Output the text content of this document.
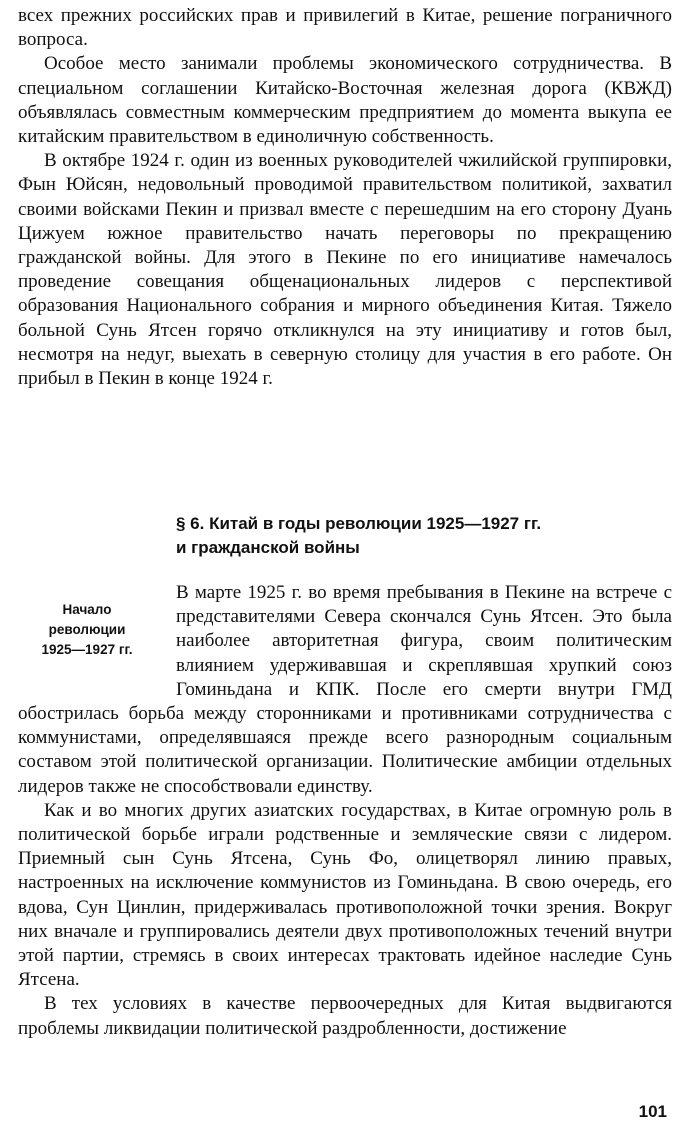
всех прежних российских прав и привилегий в Китае, решение пограничного вопроса.

Особое место занимали проблемы экономического сотрудничества. В специальном соглашении Китайско-Восточная железная дорога (КВЖД) объявлялась совместным коммерческим предприятием до момента выкупа ее китайским правительством в единоличную собственность.

В октябре 1924 г. один из военных руководителей чжилийской группировки, Фын Юйсян, недовольный проводимой правительством политикой, захватил своими войсками Пекин и призвал вместе с перешедшим на его сторону Дуань Цижуем южное правительство начать переговоры по прекращению гражданской войны. Для этого в Пекине по его инициативе намечалось проведение совещания общенациональных лидеров с перспективой образования Национального собрания и мирного объединения Китая. Тяжело больной Сунь Ятсен горячо откликнулся на эту инициативу и готов был, несмотря на недуг, выехать в северную столицу для участия в его работе. Он прибыл в Пекин в конце 1924 г.

§ 6. Китай в годы революции 1925—1927 гг.
и гражданской войны
Начало
революции
1925—1927 гг.

В марте 1925 г. во время пребывания в Пекине на встрече с представителями Севера скончался Сунь Ятсен. Это была наиболее авторитетная фигура, своим политическим влиянием удерживавшая и скреплявшая хрупкий союз Гоминьдана и КПК. После его смерти внутри ГМД обострилась борьба между сторонниками и противниками сотрудничества с коммунистами, определявшаяся прежде всего разнородным социальным составом этой политической организации. Политические амбиции отдельных лидеров также не способствовали единству.

Как и во многих других азиатских государствах, в Китае огромную роль в политической борьбе играли родственные и земляческие связи с лидером. Приемный сын Сунь Ятсена, Сунь Фо, олицетворял линию правых, настроенных на исключение коммунистов из Гоминьдана. В свою очередь, его вдова, Сун Цинлин, придерживалась противоположной точки зрения. Вокруг них вначале и группировались деятели двух противоположных течений внутри этой партии, стремясь в своих интересах трактовать идейное наследие Сунь Ятсена.

В тех условиях в качестве первоочередных для Китая выдвигаются проблемы ликвидации политической раздробленности, достижение

101
